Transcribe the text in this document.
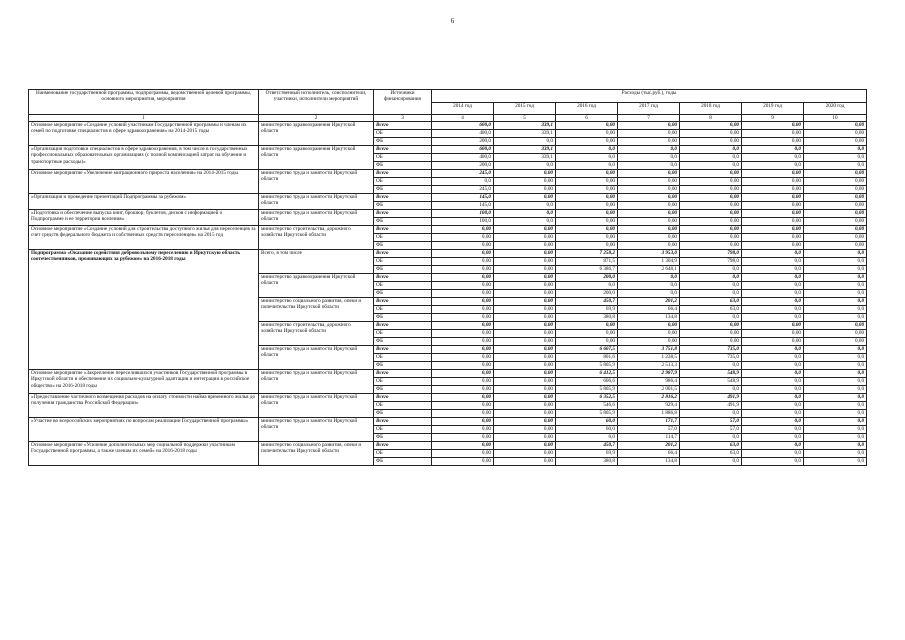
6
Наименование государственной программы, подпрограммы, ведомственной целевой программы, основного мероприятия, мероприятия	Ответственный исполнитель, соисполнители, участники, исполнители мероприятий	Источники финансирования	Расходы (тыс.руб.), годы						
			2014 год	2015 год	2016 год	2017 год	2018 год	2019 год	2020 год
1	2	3	4	5	6	7	8	9	10
Основное мероприятие «Создание условий участникам Государственной программы и членам их семей по подготовке специалистов в сфере здравоохранения» на 2014-2015 годы	министерство здравоохранения Иркутской области	Всего	600,0	339,1	0,00	0,00	0,00	0,00	0,00
		ОБ	400,0	339,1	0,00	0,00	0,00	0,00	0,00
		ФБ	200,0	0,0	0,00	0,00	0,00	0,00	0,00
«Организация подготовки специалистов в сфере здравоохранения, в том числе в государственных профессиональных образовательных организациях (с полной компенсацией затрат на обучение и транспортные расходы)»	министерство здравоохранения Иркутской области	Всего	600,0	339,1	0,0	0,0	0,0	0,0	0,0
		ОБ	400,0	339,1	0,0	0,0	0,0	0,0	0,0
		ФБ	200,0	0,0	0,0	0,0	0,0	0,0	0,0
Основное мероприятие «Увеличение миграционного прироста населения» на 2014-2015 годы	министерство труда и занятости Иркутской области	Всего	245,0	0,00	0,00	0,00	0,00	0,00	0,00
		ОБ	0,0	0,00	0,00	0,00	0,00	0,00	0,00
		ФБ	245,0	0,00	0,00	0,00	0,00	0,00	0,00
«Организация и проведение презентаций Подпрограммы за рубежом»	министерство труда и занятости Иркутской области	Всего	145,0	0,00	0,00	0,00	0,00	0,00	0,00
		ФБ	145,0	0,0	0,00	0,00	0,00	0,00	0,00
«Подготовка и обеспечение выпуска книг, брошюр, буклетов, дисков с информацией о Подпрограмме и ее территории вселения»	министерство труда и занятости Иркутской области	Всего	100,0	0,0	0,00	0,00	0,00	0,00	0,00
		ФБ	100,0	0,0	0,00	0,00	0,00	0,00	0,00
Основное мероприятие «Создание условий для строительства доступного жилья для переселенцев за счет средств федерального бюджета и собственных средств переселенцев» на 2015 год	министерство строительства, дорожного хозяйства Иркутской области	Всего	0,00	0,00	0,00	0,00	0,00	0,00	0,00
		ОБ	0,00	0,00	0,00	0,00	0,00	0,00	0,00
		ФБ	0,00	0,00	0,00	0,00	0,00	0,00	0,00
Подпрограмма «Оказание содействия добровольному переселению в Иркутскую область соотечественников, проживающих за рубежом» на 2016-2018 годы	Всего, в том числе	Всего	0,00	0,00	7 258,2	3 953,0	798,0	0,0	0,0
		ОБ	0,00	0,00	871,5	1 304,9	798,0	0,0	0,0
		ФБ	0,00	0,00	6 386,7	2 648,1	0,0	0,0	0,0
	министерство здравоохранения Иркутской области	Всего	0,00	0,00	200,0	0,0	0,0	0,0	0,0
		ОБ	0,00	0,00	0,0	0,0	0,0	0,0	0,0
		ФБ	0,00	0,00	200,0	0,0	0,0	0,0	0,0
	министерство социального развития, опеки и попечительства Иркутской области	Всего	0,00	0,00	450,7	201,2	63,0	0,0	0,0
		ОБ	0,00	0,00	69,9	66,4	63,0	0,0	0,0
		ФБ	0,00	0,00	380,8	134,8	0,0	0,0	0,0
	министерство строительства, дорожного хозяйства Иркутской области	Всего	0,00	0,00	0,00	0,00	0,00	0,00	0,00
		ОБ	0,00	0,00	0,00	0,00	0,00	0,00	0,00
		ФБ	0,00	0,00	0,00	0,00	0,00	0,00	0,00
	министерство труда и занятости Иркутской области	Всего	0,00	0,00	6 607,5	3 751,8	735,0	0,0	0,0
		ОБ	0,00	0,00	801,6	1 238,5	735,0	0,0	0,0
		ФБ	0,00	0,00	5 805,9	2 513,3	0,0	0,0	0,0
Основное мероприятие «Закрепление переселившихся участников Государственной программы в Иркутской области и обеспечение их социально-культурной адаптации и интеграции в российское общество» на 2016-2018 годы	министерство труда и занятости Иркутской области	Всего	0,00	0,00	6 412,5	2 987,9	548,9	0,0	0,0
		ОБ	0,00	0,00	606,6	986,4	548,9	0,0	0,0
		ФБ	0,00	0,00	5 805,9	2 001,5	0,0	0,0	0,0
«Предоставление частичного возмещения расходов на оплату стоимости найма временного жилья до получения гражданства Российской Федерации»	министерство труда и занятости Иркутской области	Всего	0,00	0,00	6 352,5	2 816,2	491,9	0,0	0,0
		ОБ	0,00	0,00	546,6	929,4	491,9	0,0	0,0
		ФБ	0,00	0,00	5 805,9	1 886,8	0,0	0,0	0,0
«Участие во всероссийских мероприятиях по вопросам реализации Государственной программы»	министерство труда и занятости Иркутской области	Всего	0,00	0,00	60,0	171,7	57,0	0,0	0,0
		ОБ	0,00	0,00	60,0	57,0	57,0	0,0	0,0
		ФБ	0,00	0,00	0,0	114,7	0,0	0,0	0,0
Основное мероприятие «Усиление дополнительных мер социальной поддержки участникам Государственной программы, а также членам их семей» на 2016-2018 годы	министерство социального развития, опеки и попечительства Иркутской области	Всего	0,00	0,00	450,7	201,2	63,0	0,0	0,0
		ОБ	0,00	0,00	69,9	66,4	63,0	0,0	0,0
		ФБ	0,00	0,00	380,8	134,8	0,0	0,0	0,0
